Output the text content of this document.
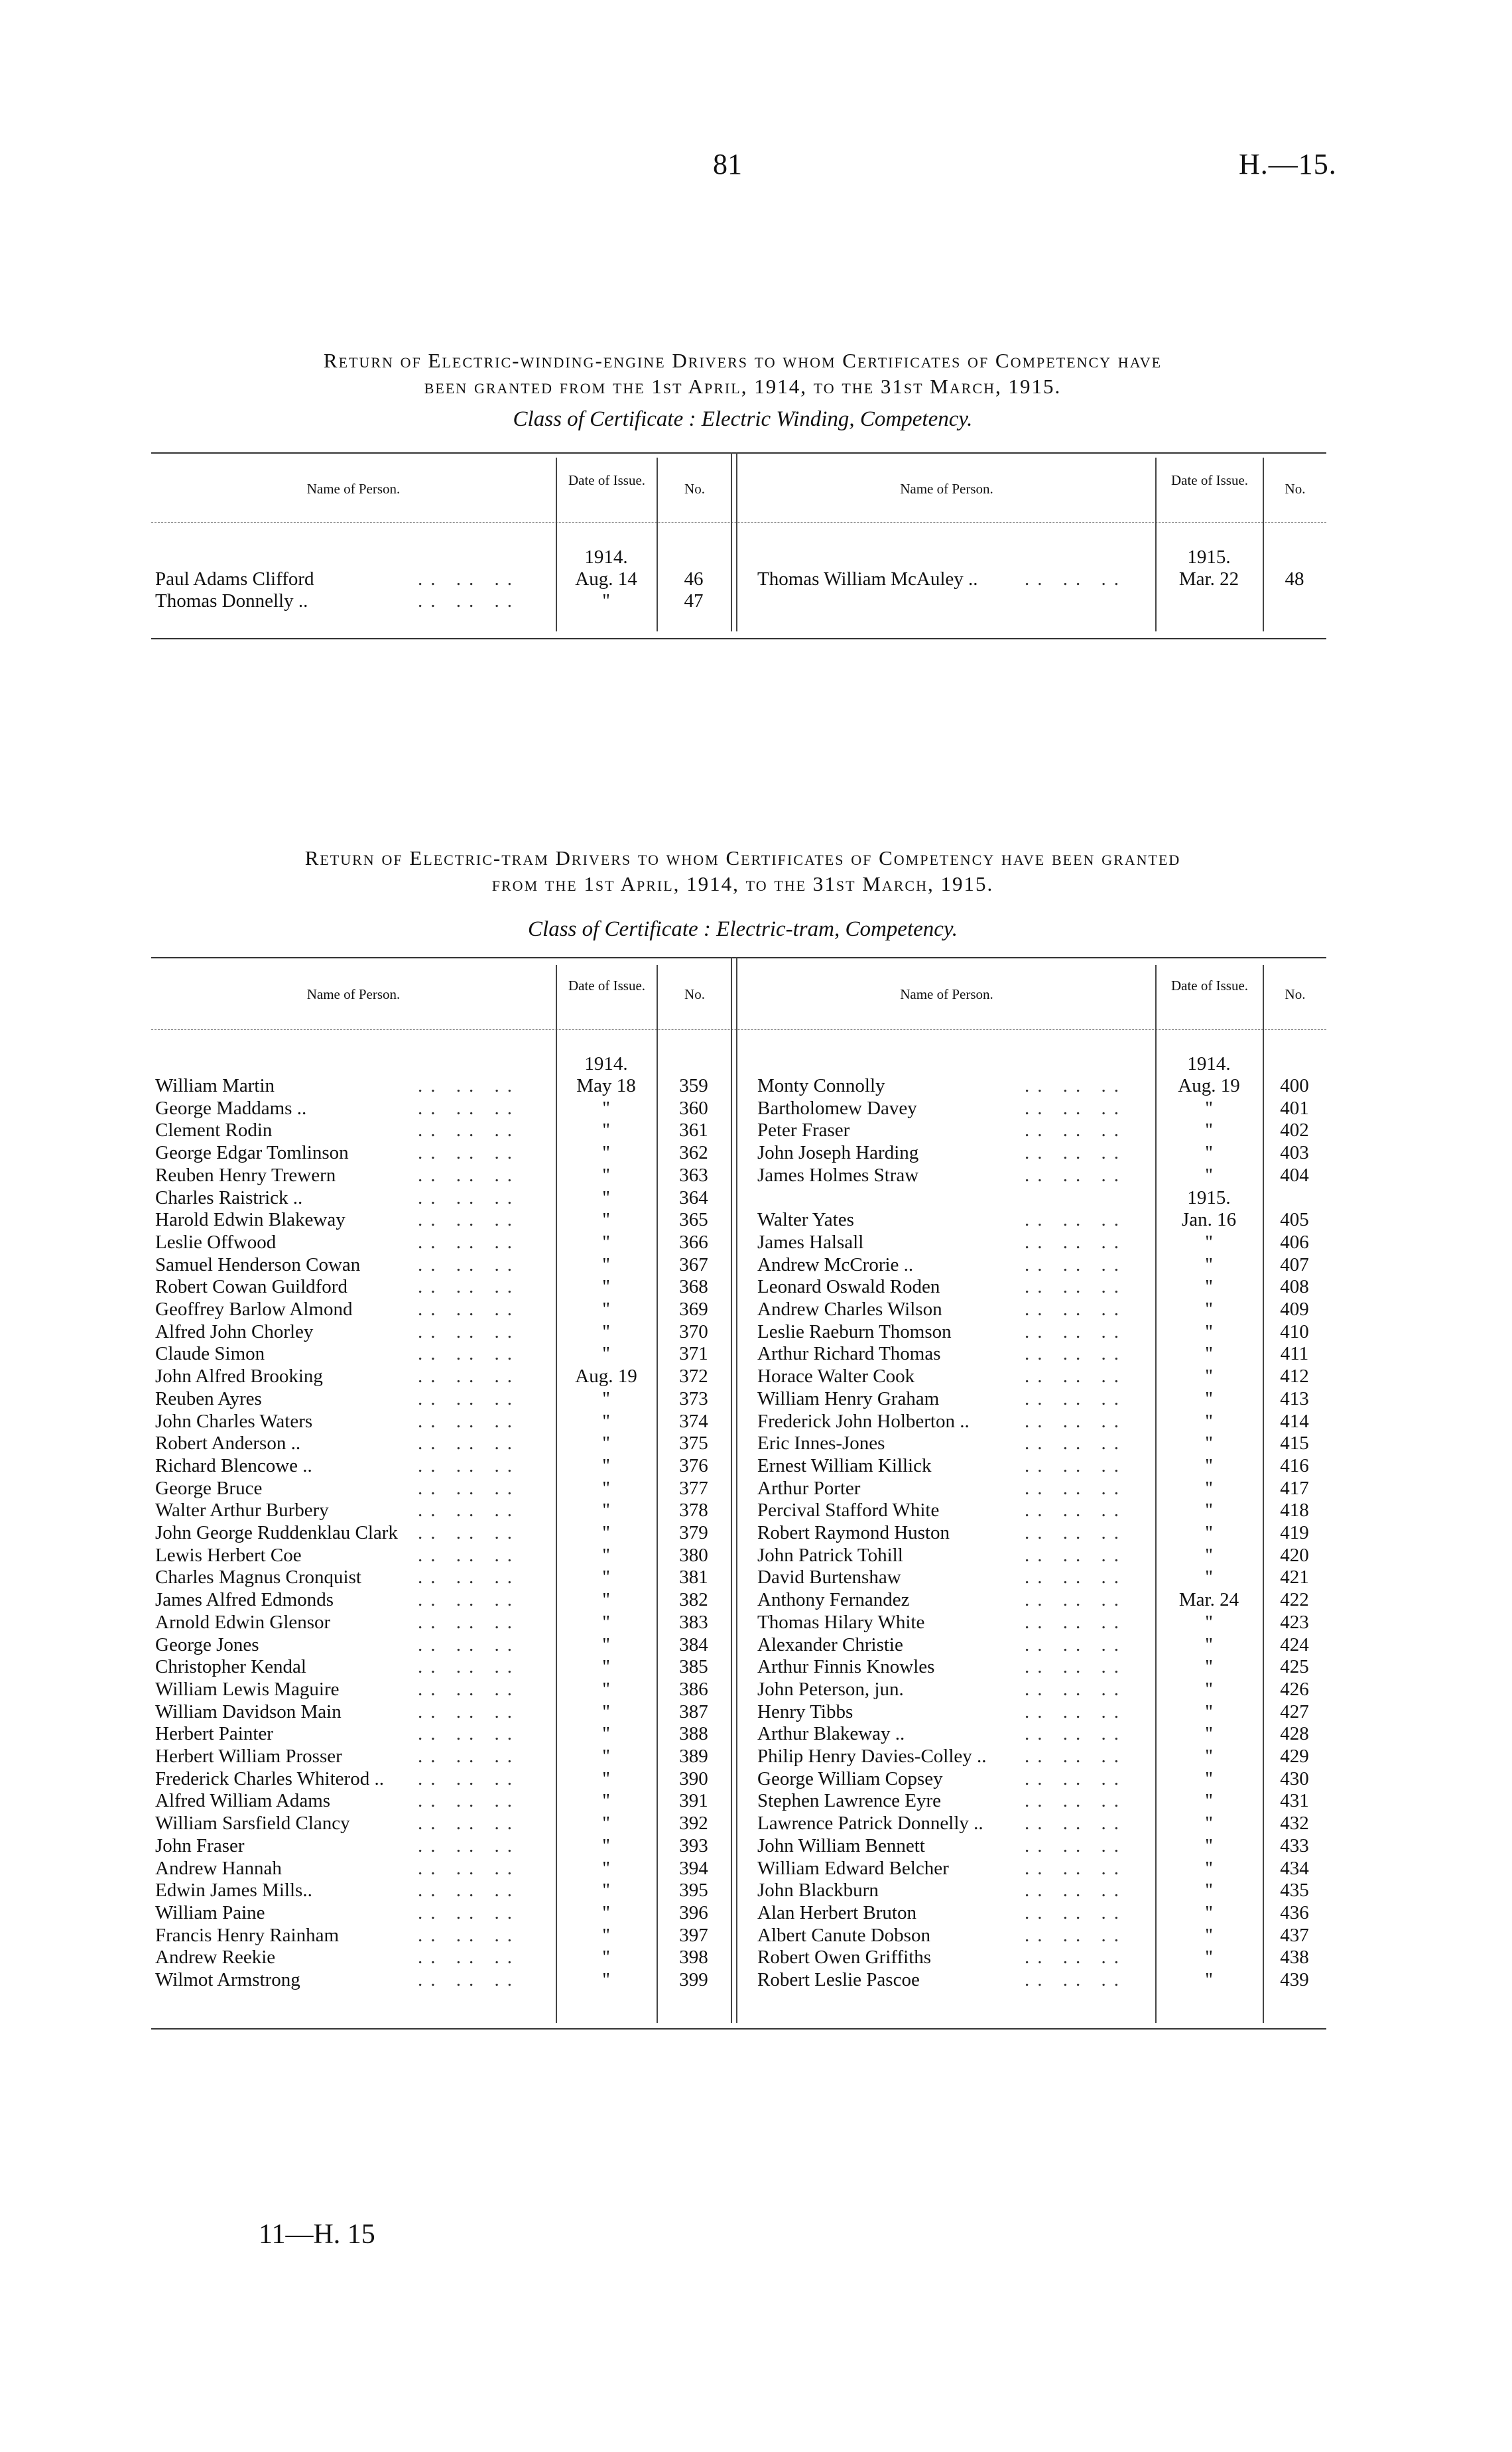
81	H.—15.
Return of Electric-winding-engine Drivers to whom Certificates of Competency have
been granted from the 1st April, 1914, to the 31st March, 1915.
Class of Certificate : Electric Winding, Competency.
Name of Person.
Date of Issue.
No.	Name of Person.
Date of Issue.
No.
1914.	1915.
Paul Adams Clifford	.. .. ..	Aug. 14	46
Thomas Donnelly ..	.. .. ..	"	47
Thomas William McAuley .. .. .. ..	Mar. 22	48
Return of Electric-tram Drivers to whom Certificates of Competency have been granted
from the 1st April, 1914, to the 31st March, 1915.
Class of Certificate : Electric-tram, Competency.
Name of Person.
Date of Issue.
No.	Name of Person.
Date of Issue.
No.
1914.	1914.
1915.
William Martin	.. .. ..	May 18	359
George Maddams ..	.. .. ..	"	360
Clement Rodin	.. .. ..	"	361
George Edgar Tomlinson	.. .. ..	"	362
Reuben Henry Trewern	.. .. ..	"	363
Charles Raistrick ..	.. .. ..	"	364
Harold Edwin Blakeway	.. .. ..	"	365
Leslie Offwood	.. .. ..	"	366
Samuel Henderson Cowan	.. .. ..	"	367
Robert Cowan Guildford	.. .. ..	"	368
Geoffrey Barlow Almond	.. .. ..	"	369
Alfred John Chorley	.. .. ..	"	370
Claude Simon	.. .. ..	"	371
John Alfred Brooking	.. .. ..	Aug. 19	372
Reuben Ayres	.. .. ..	"	373
John Charles Waters	.. .. ..	"	374
Robert Anderson ..	.. .. ..	"	375
Richard Blencowe ..	.. .. ..	"	376
George Bruce	.. .. ..	"	377
Walter Arthur Burbery	.. .. ..	"	378
John George Ruddenklau Clark .. .. ..	"	379
Lewis Herbert Coe	.. .. ..	"	380
Charles Magnus Cronquist	.. .. ..	"	381
James Alfred Edmonds	.. .. ..	"	382
Arnold Edwin Glensor	.. .. ..	"	383
George Jones	.. .. ..	"	384
Christopher Kendal	.. .. ..	"	385
William Lewis Maguire	.. .. ..	"	386
William Davidson Main	.. .. ..	"	387
Herbert Painter	.. .. ..	"	388
Herbert William Prosser	.. .. ..	"	389
Frederick Charles Whiterod .. .. .. ..	"	390
Alfred William Adams	.. .. ..	"	391
William Sarsfield Clancy	.. .. ..	"	392
John Fraser	.. .. ..	"	393
Andrew Hannah	.. .. ..	"	394
Edwin James Mills..	.. .. ..	"	395
William Paine	.. .. ..	"	396
Francis Henry Rainham	.. .. ..	"	397
Andrew Reekie	.. .. ..	"	398
Wilmot Armstrong	.. .. ..	"	399
Monty Connolly	.. .. ..	Aug. 19	400
Bartholomew Davey	.. .. ..	"	401
Peter Fraser	.. .. ..	"	402
John Joseph Harding	.. .. ..	"	403
James Holmes Straw	.. .. ..	"	404
Walter Yates	.. .. ..	Jan. 16	405
James Halsall	.. .. ..	"	406
Andrew McCrorie ..	.. .. ..	"	407
Leonard Oswald Roden	.. .. ..	"	408
Andrew Charles Wilson	.. .. ..	"	409
Leslie Raeburn Thomson	.. .. ..	"	410
Arthur Richard Thomas	.. .. ..	"	411
Horace Walter Cook	.. .. ..	"	412
William Henry Graham	.. .. ..	"	413
Frederick John Holberton ..	.. .. ..	"	414
Eric Innes-Jones	.. .. ..	"	415
Ernest William Killick	.. .. ..	"	416
Arthur Porter	.. .. ..	"	417
Percival Stafford White	.. .. ..	"	418
Robert Raymond Huston	.. .. ..	"	419
John Patrick Tohill	.. .. ..	"	420
David Burtenshaw	.. .. ..	"	421
Anthony Fernandez	.. .. ..	Mar. 24	422
Thomas Hilary White	.. .. ..	"	423
Alexander Christie	.. .. ..	"	424
Arthur Finnis Knowles	.. .. ..	"	425
John Peterson, jun.	.. .. ..	"	426
Henry Tibbs	.. .. ..	"	427
Arthur Blakeway ..	.. .. ..	"	428
Philip Henry Davies-Colley .. .. .. ..	"	429
George William Copsey	.. .. ..	"	430
Stephen Lawrence Eyre	.. .. ..	"	431
Lawrence Patrick Donnelly .. .. .. ..	"	432
John William Bennett	.. .. ..	"	433
William Edward Belcher	.. .. ..	"	434
John Blackburn	.. .. ..	"	435
Alan Herbert Bruton	.. .. ..	"	436
Albert Canute Dobson	.. .. ..	"	437
Robert Owen Griffiths	.. .. ..	"	438
Robert Leslie Pascoe	.. .. ..	"	439
11—H. 15
